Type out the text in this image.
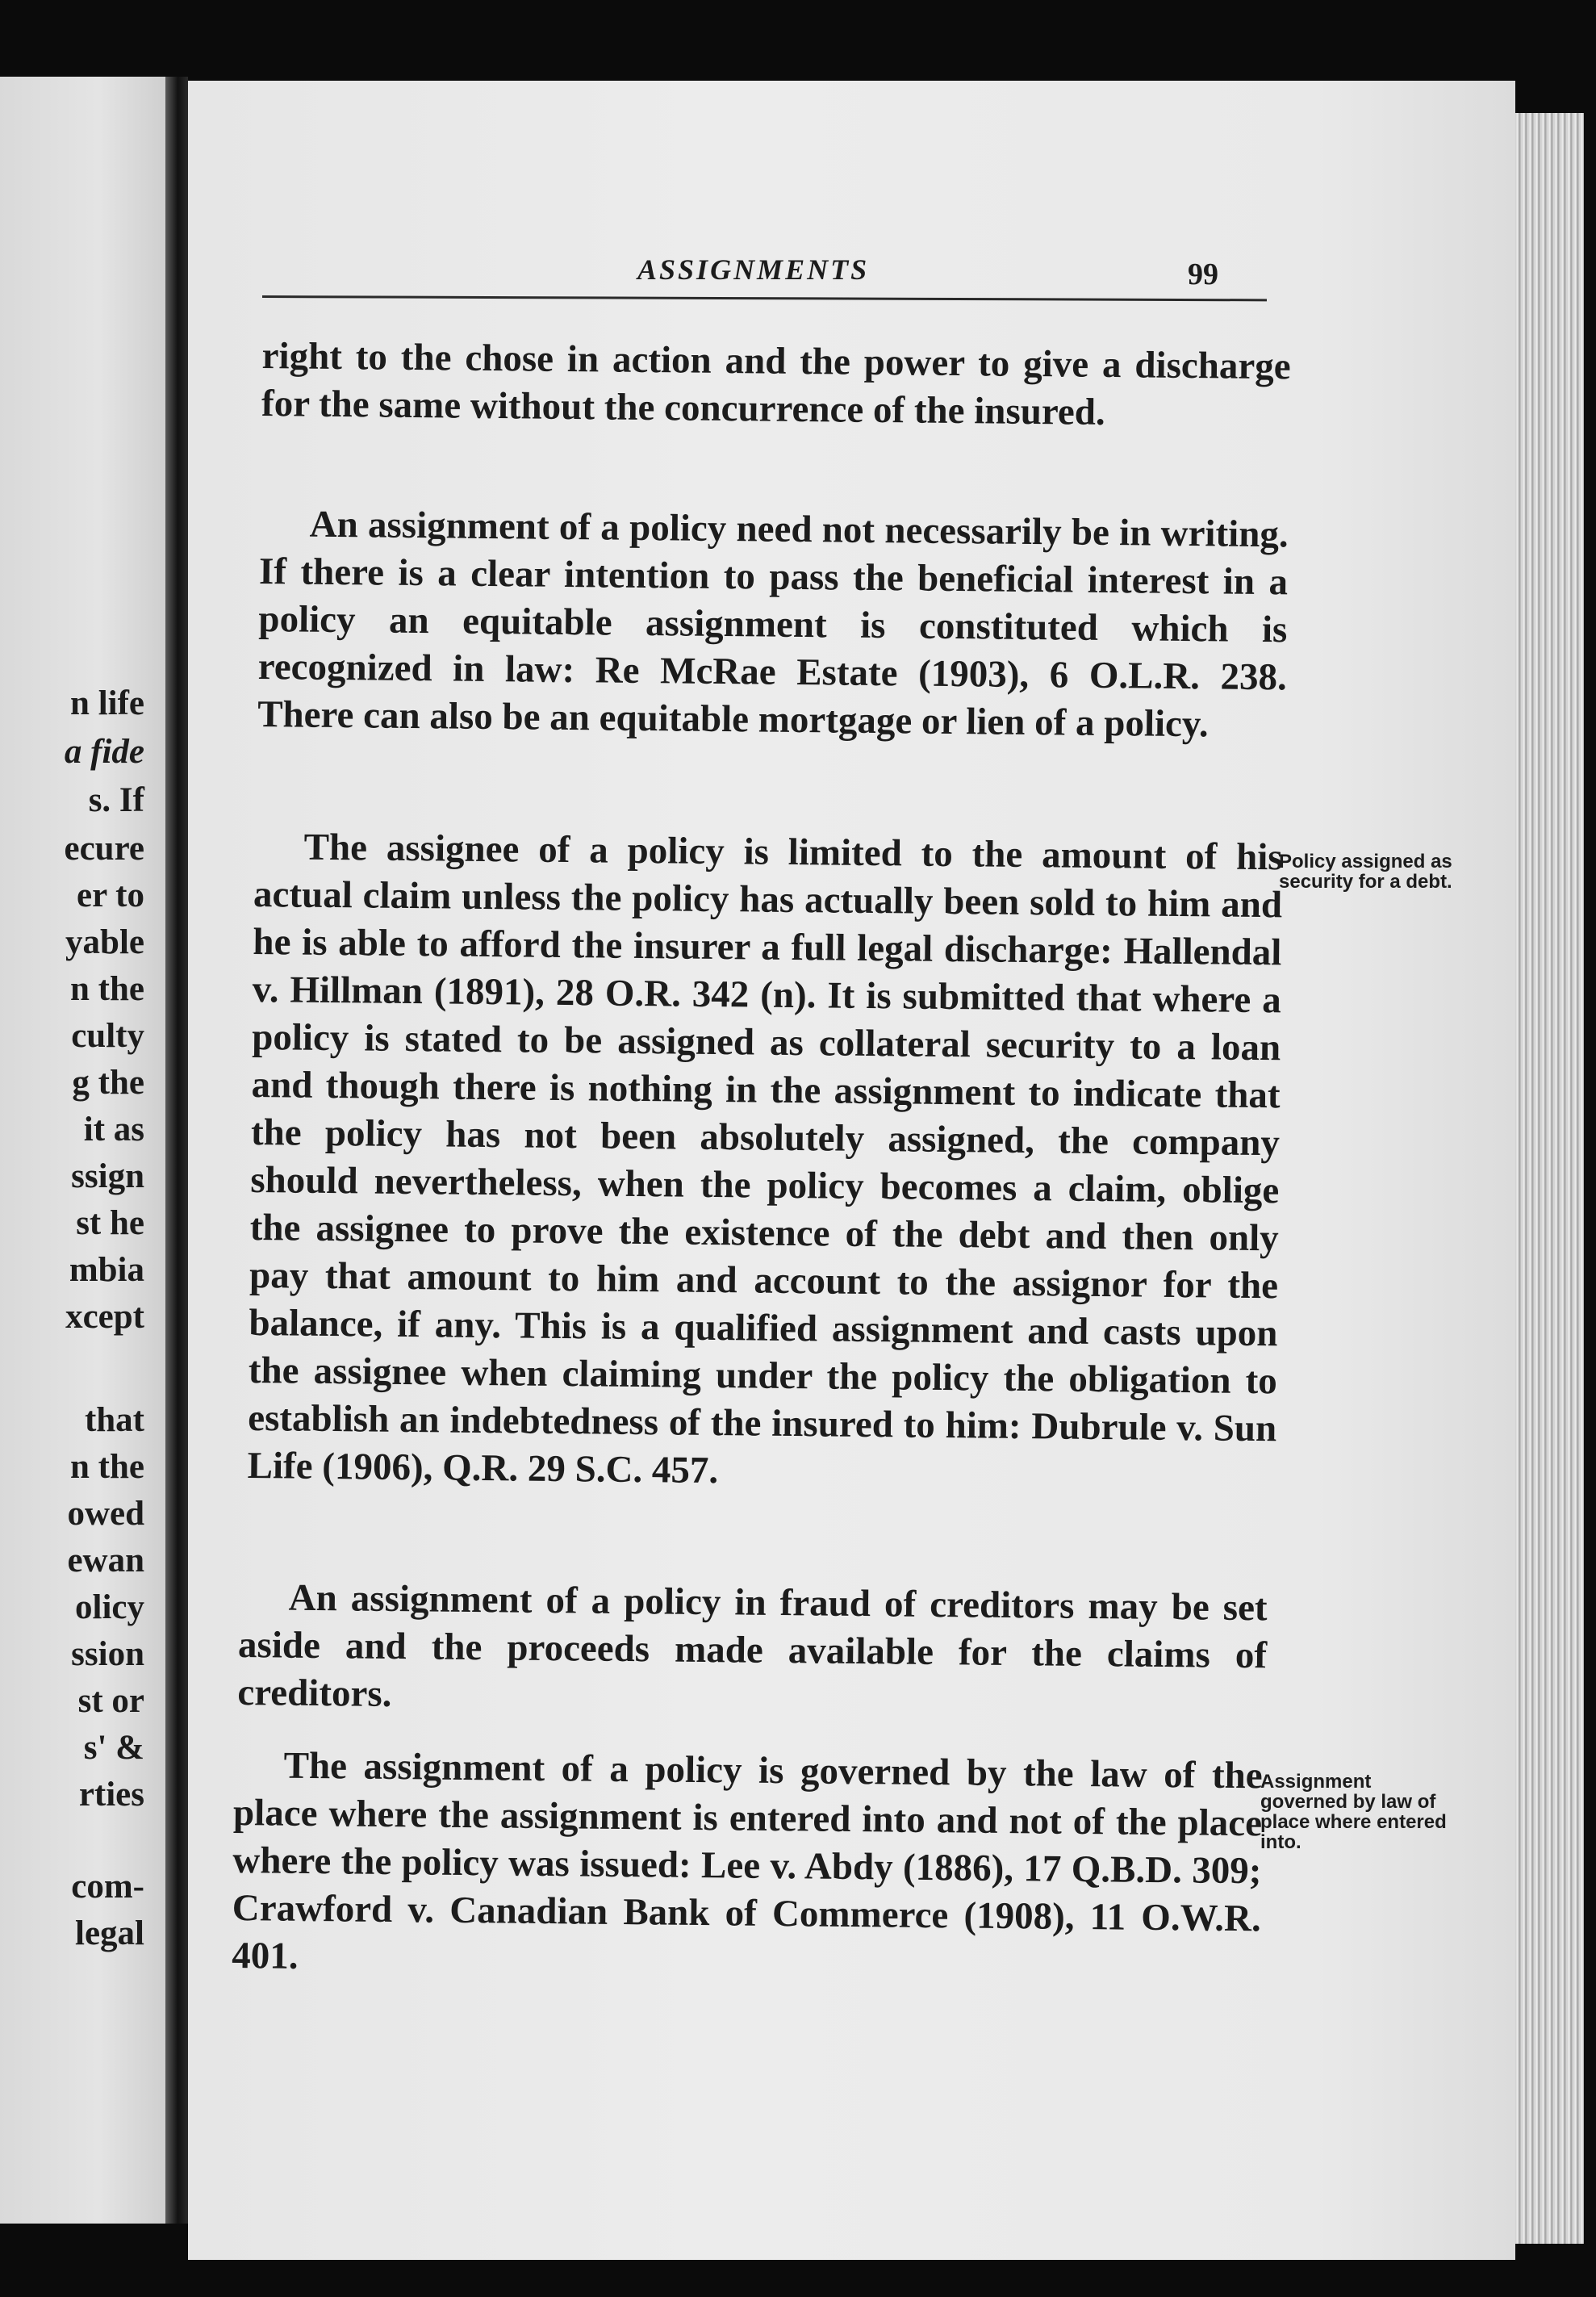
n life
a fide
s. If
ecure
er to
yable
n the
culty
g the
it as
ssign
st he
mbia
xcept
that
n the
owed
ewan
olicy
ssion
st or
s' &
rties
com-
legal
ASSIGNMENTS	99

right to the chose in action and the power to give a discharge for the same without the concurrence of the insured.

An assignment of a policy need not necessarily be in writing. If there is a clear intention to pass the beneficial interest in a policy an equitable assignment is constituted which is recognized in law: Re McRae Estate (1903), 6 O.L.R. 238. There can also be an equitable mortgage or lien of a policy.

The assignee of a policy is limited to the amount of his actual claim unless the policy has actually been sold to him and he is able to afford the insurer a full legal discharge: Hallendal v. Hillman (1891), 28 O.R. 342 (n). It is submitted that where a policy is stated to be assigned as collateral security to a loan and though there is nothing in the assignment to indicate that the policy has not been absolutely assigned, the company should nevertheless, when the policy becomes a claim, oblige the assignee to prove the existence of the debt and then only pay that amount to him and account to the assignor for the balance, if any. This is a qualified assignment and casts upon the assignee when claiming under the policy the obligation to establish an indebtedness of the insured to him: Dubrule v. Sun Life (1906), Q.R. 29 S.C. 457.

An assignment of a policy in fraud of creditors may be set aside and the proceeds made available for the claims of creditors.

The assignment of a policy is governed by the law of the place where the assignment is entered into and not of the place where the policy was issued: Lee v. Abdy (1886), 17 Q.B.D. 309; Crawford v. Canadian Bank of Commerce (1908), 11 O.W.R. 401.

Policy assigned as security for a debt.

Assignment governed by law of place where entered into.
